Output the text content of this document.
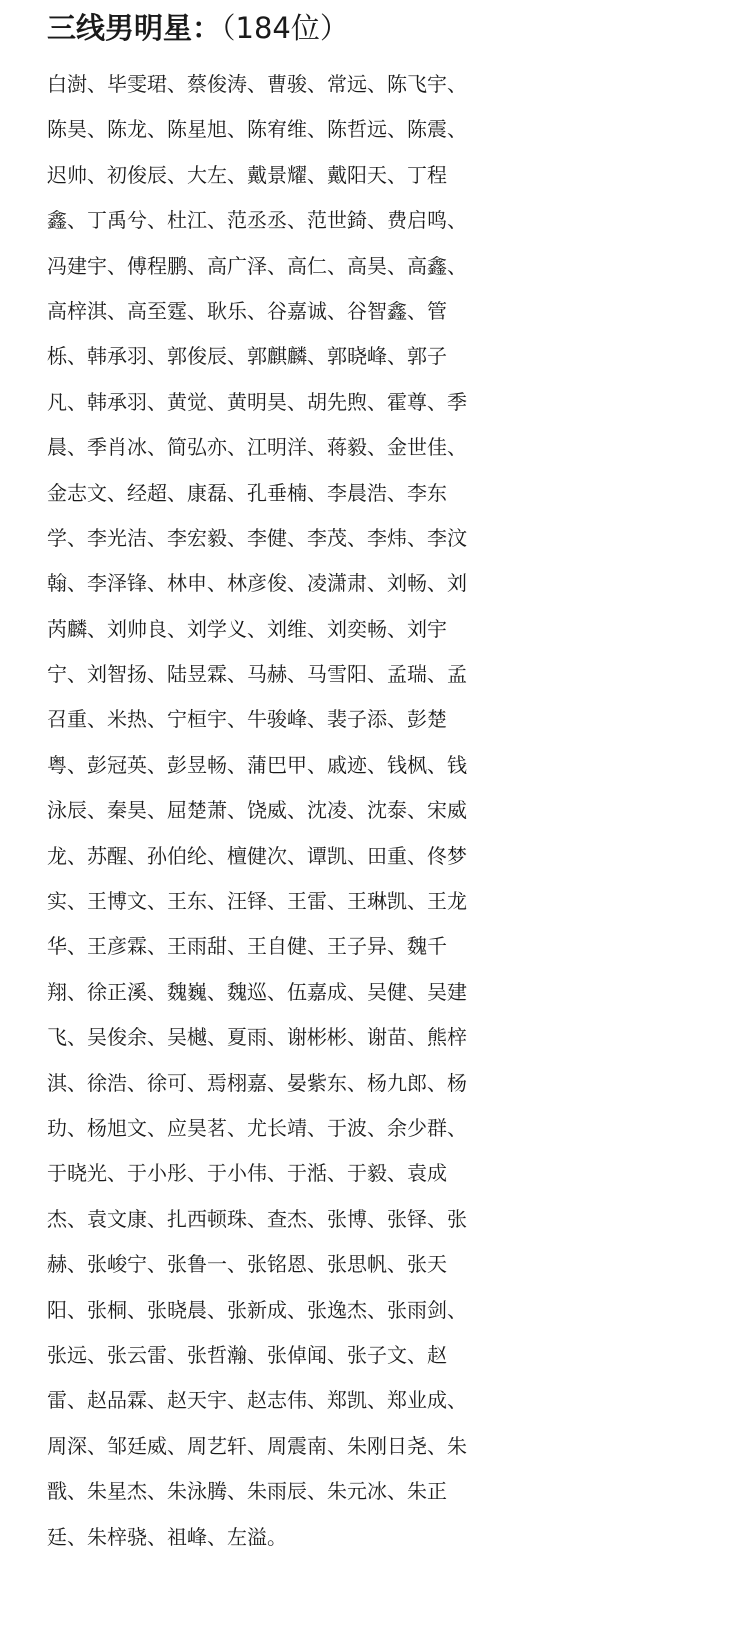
三线男明星：（184位）
白澍、毕雯珺、蔡俊涛、曹骏、常远、陈飞宇、
陈昊、陈龙、陈星旭、陈宥维、陈哲远、陈震、
迟帅、初俊辰、大左、戴景耀、戴阳天、丁程
鑫、丁禹兮、杜江、范丞丞、范世錡、费启鸣、
冯建宇、傅程鹏、高广泽、高仁、高昊、高鑫、
高梓淇、高至霆、耿乐、谷嘉诚、谷智鑫、管
栎、韩承羽、郭俊辰、郭麒麟、郭晓峰、郭子
凡、韩承羽、黄觉、黄明昊、胡先煦、霍尊、季
晨、季肖冰、简弘亦、江明洋、蒋毅、金世佳、
金志文、经超、康磊、孔垂楠、李晨浩、李东
学、李光洁、李宏毅、李健、李茂、李炜、李汶
翰、李泽锋、林申、林彦俊、凌潇肃、刘畅、刘
芮麟、刘帅良、刘学义、刘维、刘奕畅、刘宇
宁、刘智扬、陆昱霖、马赫、马雪阳、孟瑞、孟
召重、米热、宁桓宇、牛骏峰、裴子添、彭楚
粤、彭冠英、彭昱畅、蒲巴甲、戚迹、钱枫、钱
泳辰、秦昊、屈楚萧、饶威、沈凌、沈泰、宋威
龙、苏醒、孙伯纶、檀健次、谭凯、田重、佟梦
实、王博文、王东、汪铎、王雷、王琳凯、王龙
华、王彦霖、王雨甜、王自健、王子异、魏千
翔、徐正溪、魏巍、魏巡、伍嘉成、吴健、吴建
飞、吴俊余、吴樾、夏雨、谢彬彬、谢苗、熊梓
淇、徐浩、徐可、焉栩嘉、晏紫东、杨九郎、杨
玏、杨旭文、应昊茗、尤长靖、于波、余少群、
于晓光、于小彤、于小伟、于湉、于毅、袁成
杰、袁文康、扎西顿珠、查杰、张博、张铎、张
赫、张峻宁、张鲁一、张铭恩、张思帆、张天
阳、张桐、张晓晨、张新成、张逸杰、张雨剑、
张远、张云雷、张哲瀚、张倬闻、张子文、赵
雷、赵品霖、赵天宇、赵志伟、郑凯、郑业成、
周深、邹廷威、周艺轩、周震南、朱刚日尧、朱
戬、朱星杰、朱泳腾、朱雨辰、朱元冰、朱正
廷、朱梓骁、祖峰、左溢。
